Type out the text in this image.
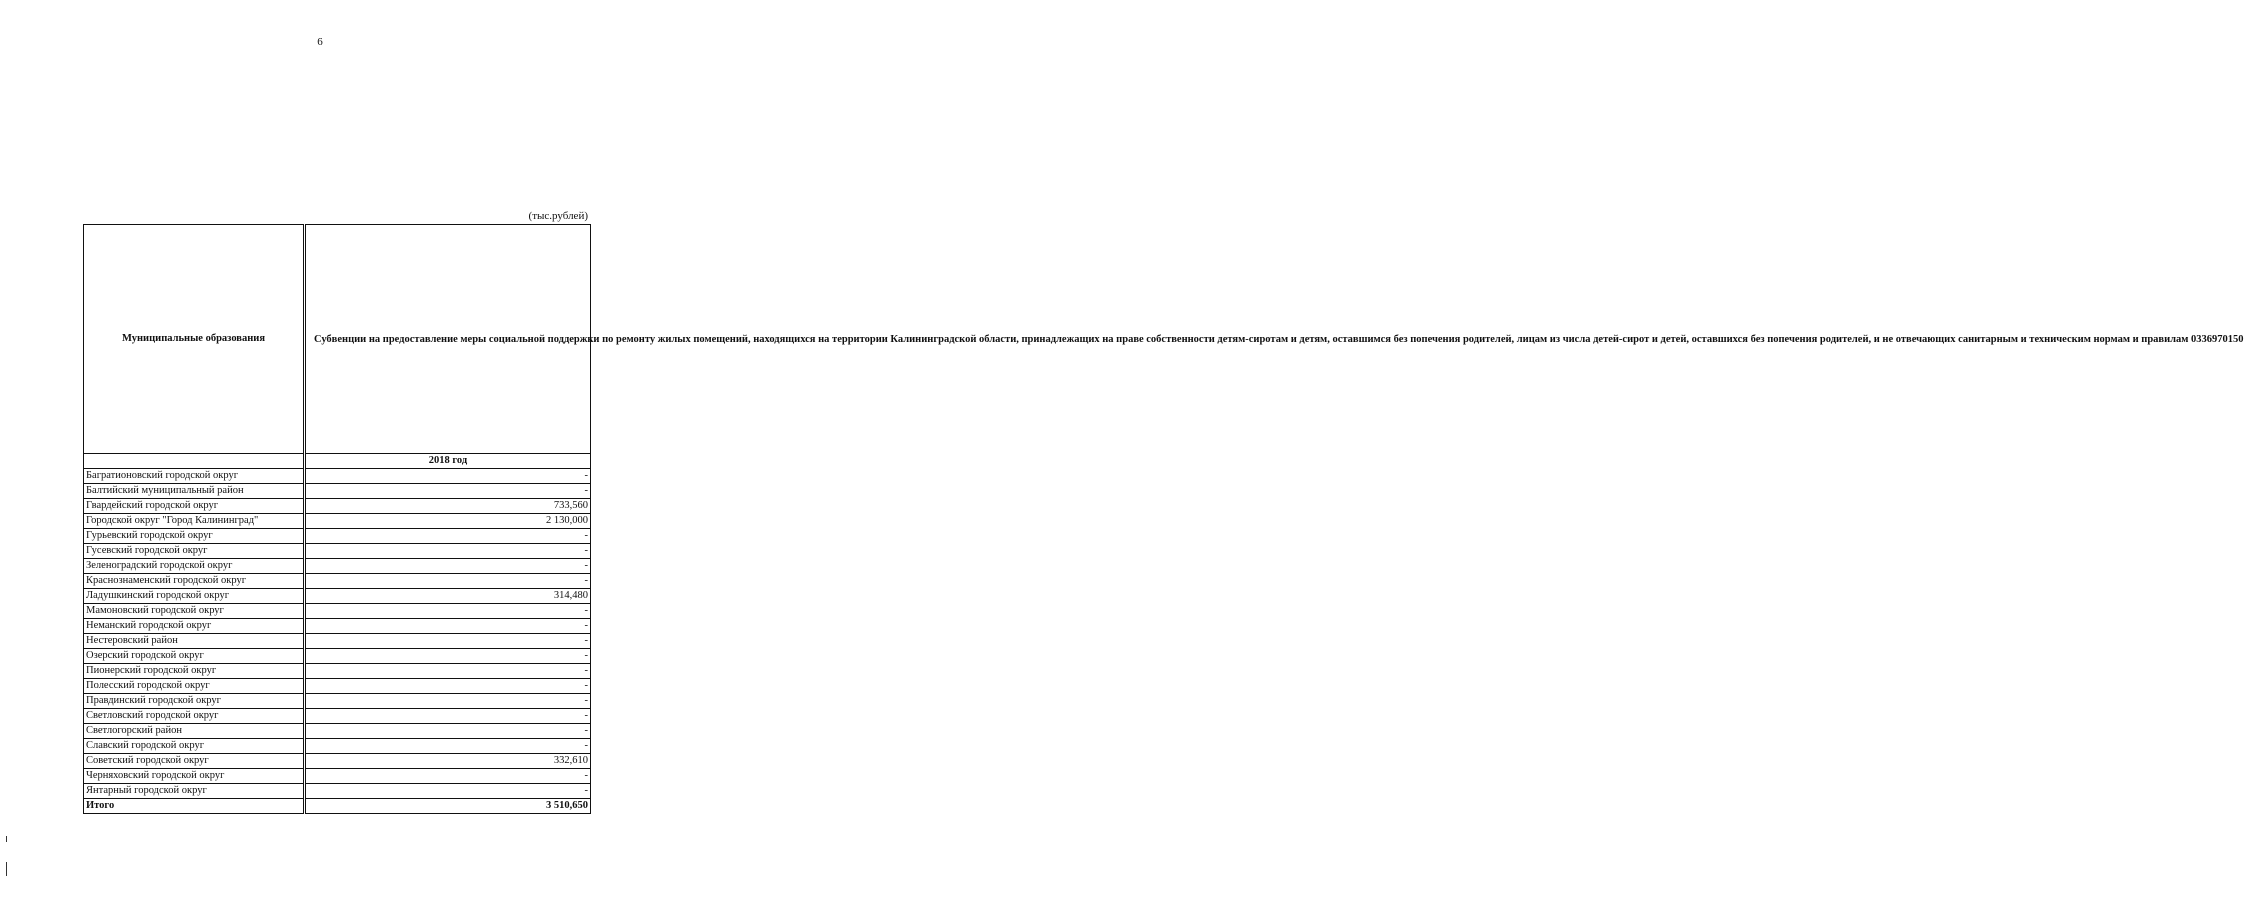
6
(тыс.рублей)
Муниципальные образования	Субвенции на предоставление меры социальной поддержки по ремонту жилых помещений, находящихся на территории Калининградской области, принадлежащих на праве собственности детям-сиротам и детям, оставшимся без попечения родителей, лицам из числа детей-сирот и детей, оставшихся без попечения родителей, и не отвечающих санитарным и техническим нормам и правилам 0336970150

	2018 год
Багратионовский городской округ	-
Балтийский муниципальный район	-
Гвардейский городской округ	733,560
Городской округ "Город Калининград"	2 130,000
Гурьевский городской округ	-
Гусевский городской округ	-
Зеленоградский городской округ	-
Краснознаменский городской округ	-
Ладушкинский городской округ	314,480
Мамоновский городской округ	-
Неманский городской округ	-
Нестеровский район	-
Озерский городской округ	-
Пионерский городской округ	-
Полесский городской округ	-
Правдинский городской округ	-
Светловский городской округ	-
Светлогорский район	-
Славский городской округ	-
Советский городской округ	332,610
Черняховский городской округ	-
Янтарный городской округ	-
Итого	3 510,650
